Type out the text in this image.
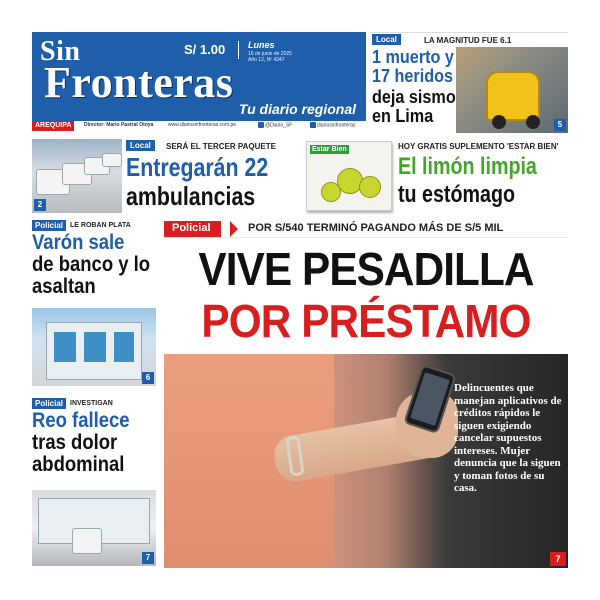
Sin
Fronteras
S/ 1.00	Lunes
16 de junio de 2025
Año 12, Nº 4347
Tu diario regional
AREQUIPA	Director: Mario Pastrat Otoya	www.diariosinfronteras.com.pe	@Diario_SF	diariosinfronteras	5
Local	LA MAGNITUD FUE 6.1
1 muerto y 17 heridos
deja sismo en Lima
2
Local	SERÁ EL TERCER PAQUETE
Entregarán 22
ambulancias
Estar Bien	HOY GRATIS SUPLEMENTO 'ESTAR BIEN'
El limón limpia
tu estómago
Policial LE ROBAN PLATA
Varón sale
de banco y lo asaltan
6
Policial INVESTIGAN
Reo fallece
tras dolor abdominal
7
Policial	POR S/540 TERMINÓ PAGANDO MÁS DE S/5 MIL
VIVE PESADILLA
POR PRÉSTAMO
Delincuentes que manejan aplicativos de créditos rápidos le siguen exigiendo cancelar supuestos intereses. Mujer denuncia que la siguen y toman fotos de su casa.
7
